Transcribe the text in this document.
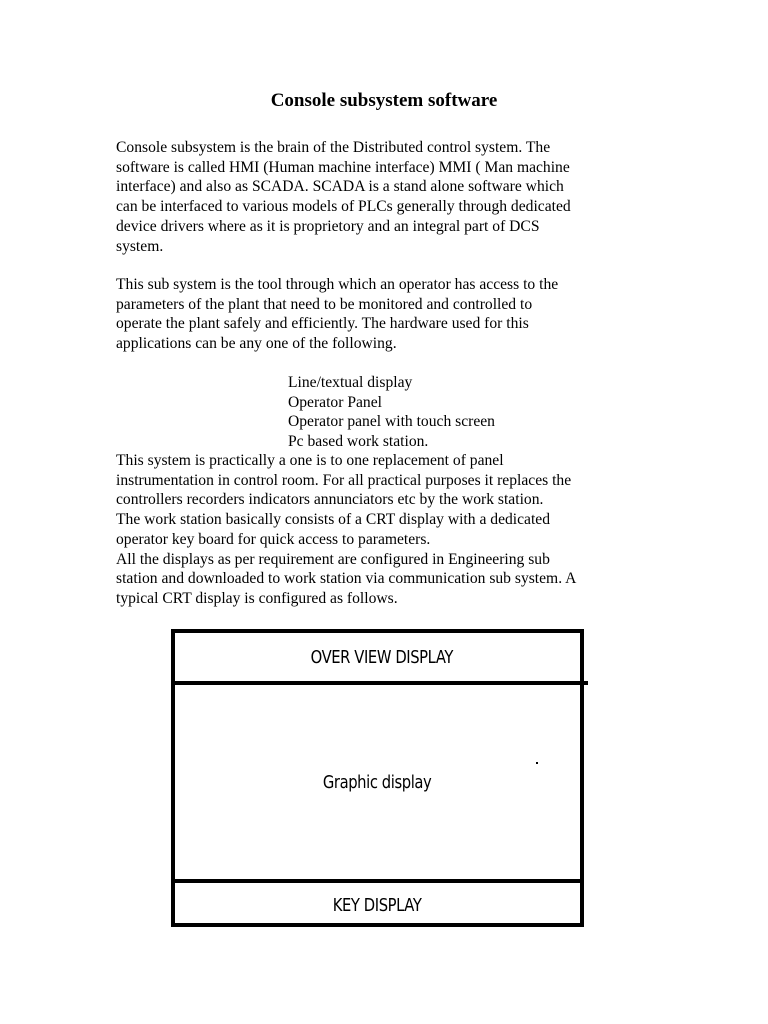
Console subsystem software

Console subsystem is the brain of the Distributed control system. The
software is called HMI (Human machine interface) MMI ( Man machine
interface) and also as SCADA. SCADA is a stand alone software which
can be interfaced to various models of PLCs generally through dedicated
device drivers where as it is proprietory and an integral part of DCS
system.

This sub system is the tool through which an operator has access to the
parameters of the plant that need to be monitored and controlled to
operate the plant safely and efficiently. The hardware used for this
applications can be any one of the following.

Line/textual display
Operator Panel
Operator panel with touch screen
Pc based work station.

This system is practically a one is to one replacement of panel
instrumentation in control room. For all practical purposes it replaces the
controllers recorders indicators annunciators etc by the work station.
The work station basically consists of a CRT display with a dedicated
operator key board for quick access to parameters.
All the displays as per requirement are configured in Engineering sub
station and downloaded to work station via communication sub system. A
typical CRT display is configured as follows.

OVER VIEW DISPLAY
Graphic display
KEY DISPLAY
